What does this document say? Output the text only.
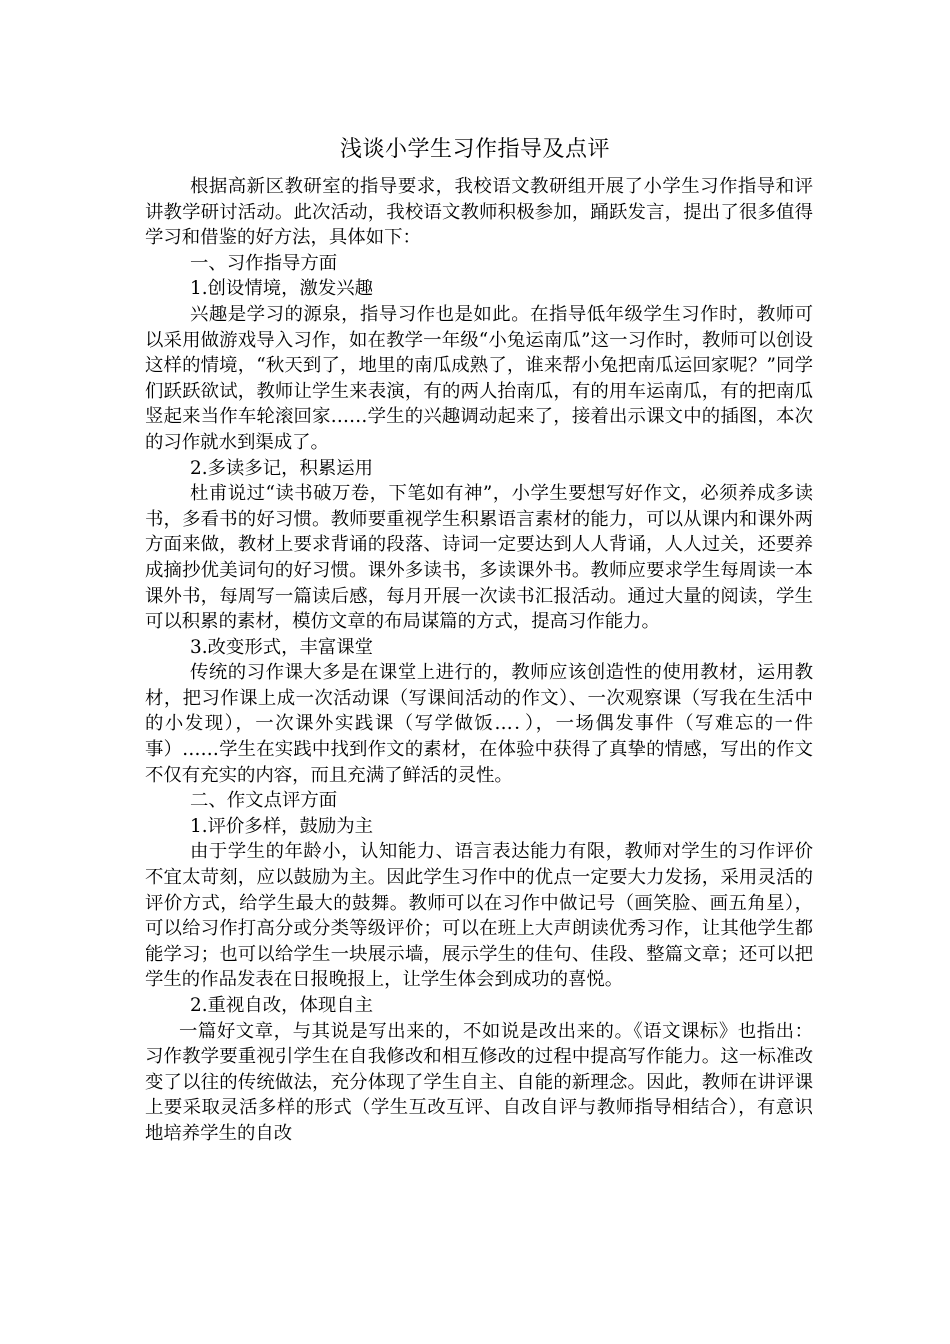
浅谈小学生习作指导及点评

根据高新区教研室的指导要求，我校语文教研组开展了小学生习作指导和评讲教学研讨活动。此次活动，我校语文教师积极参加，踊跃发言，提出了很多值得学习和借鉴的好方法，具体如下：

一、习作指导方面

1.创设情境，激发兴趣

兴趣是学习的源泉，指导习作也是如此。在指导低年级学生习作时，教师可以采用做游戏导入习作，如在教学一年级“小兔运南瓜”这一习作时，教师可以创设这样的情境，“秋天到了，地里的南瓜成熟了，谁来帮小兔把南瓜运回家呢？”同学们跃跃欲试，教师让学生来表演，有的两人抬南瓜，有的用车运南瓜，有的把南瓜竖起来当作车轮滚回家……学生的兴趣调动起来了，接着出示课文中的插图，本次的习作就水到渠成了。

2.多读多记，积累运用

杜甫说过“读书破万卷，下笔如有神”，小学生要想写好作文，必须养成多读书，多看书的好习惯。教师要重视学生积累语言素材的能力，可以从课内和课外两方面来做，教材上要求背诵的段落、诗词一定要达到人人背诵，人人过关，还要养成摘抄优美词句的好习惯。课外多读书，多读课外书。教师应要求学生每周读一本课外书，每周写一篇读后感，每月开展一次读书汇报活动。通过大量的阅读，学生可以积累的素材，模仿文章的布局谋篇的方式，提高习作能力。

3.改变形式，丰富课堂

传统的习作课大多是在课堂上进行的，教师应该创造性的使用教材，运用教材，把习作课上成一次活动课（写课间活动的作文）、一次观察课（写我在生活中的小发现），一次课外实践课（写学做饭…．），一场偶发事件（写难忘的一件事）……学生在实践中找到作文的素材，在体验中获得了真挚的情感，写出的作文不仅有充实的内容，而且充满了鲜活的灵性。

二、作文点评方面

1.评价多样，鼓励为主

由于学生的年龄小，认知能力、语言表达能力有限，教师对学生的习作评价不宜太苛刻，应以鼓励为主。因此学生习作中的优点一定要大力发扬，采用灵活的评价方式，给学生最大的鼓舞。教师可以在习作中做记号（画笑脸、画五角星），可以给习作打高分或分类等级评价；可以在班上大声朗读优秀习作，让其他学生都能学习；也可以给学生一块展示墙，展示学生的佳句、佳段、整篇文章；还可以把学生的作品发表在日报晚报上，让学生体会到成功的喜悦。

2.重视自改，体现自主

一篇好文章，与其说是写出来的，不如说是改出来的。《语文课标》也指出：习作教学要重视引学生在自我修改和相互修改的过程中提高写作能力。这一标准改变了以往的传统做法，充分体现了学生自主、自能的新理念。因此，教师在讲评课上要采取灵活多样的形式（学生互改互评、自改自评与教师指导相结合），有意识地培养学生的自改
